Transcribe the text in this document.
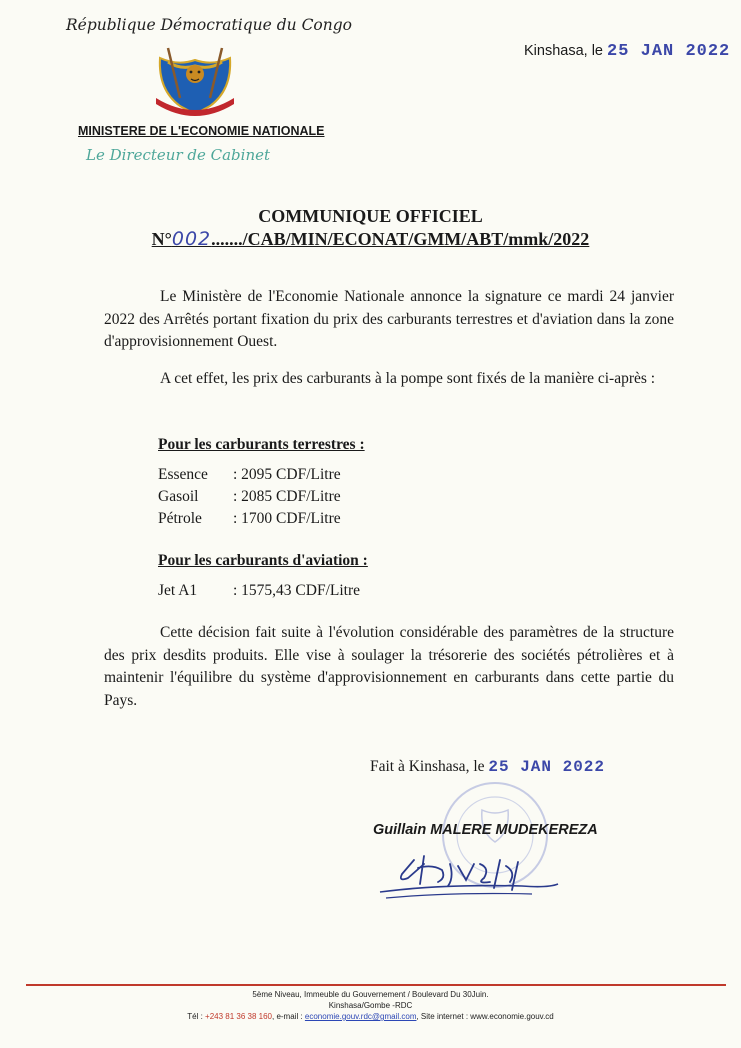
République Démocratique du Congo
MINISTERE DE L'ECONOMIE NATIONALE
Le Directeur de Cabinet
Kinshasa, le 25 JAN 2022
COMMUNIQUE OFFICIEL
N°002......./CAB/MIN/ECONAT/GMM/ABT/mmk/2022
Le Ministère de l'Economie Nationale annonce la signature ce mardi 24 janvier 2022 des Arrêtés portant fixation du prix des carburants terrestres et d'aviation dans la zone d'approvisionnement Ouest.
A cet effet, les prix des carburants à la pompe sont fixés de la manière ci-après :
Pour les carburants terrestres :
Essence : 2095 CDF/Litre
Gasoil : 2085 CDF/Litre
Pétrole : 1700 CDF/Litre
Pour les carburants d'aviation :
Jet A1 : 1575,43 CDF/Litre
Cette décision fait suite à l'évolution considérable des paramètres de la structure des prix desdits produits. Elle vise à soulager la trésorerie des sociétés pétrolières et à maintenir l'équilibre du système d'approvisionnement en carburants dans cette partie du Pays.
Fait à Kinshasa, le 25 JAN 2022
Guillain MALERE MUDEKEREZA
5ème Niveau, Immeuble du Gouvernement / Boulevard Du 30Juin.
Kinshasa/Gombe -RDC
Tél : +243 81 36 38 160, e-mail : economie.gouv.rdc@gmail.com, Site internet : www.economie.gouv.cd
